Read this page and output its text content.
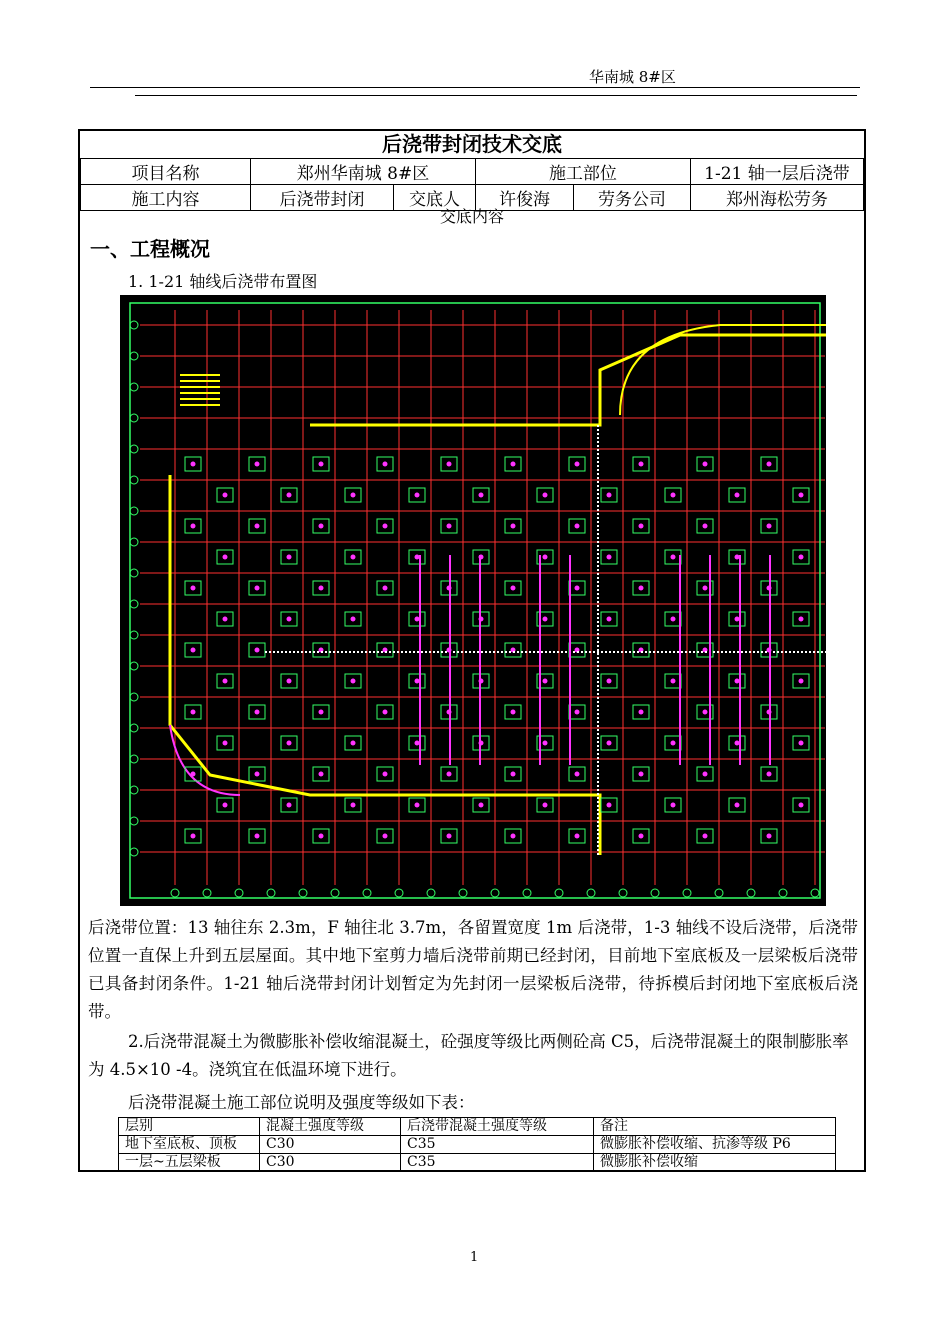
华南城 8#区
后浇带封闭技术交底
项目名称	郑州华南城 8#区		施工部位		1-21 轴一层后浇带
施工内容	后浇带封闭	交底人	许俊海	劳务公司	郑州海松劳务
交底内容
一、工程概况
1. 1-21 轴线后浇带布置图
后浇带位置：13 轴往东 2.3m，F 轴往北 3.7m，各留置宽度 1m 后浇带，1-3 轴线不设后浇带，后浇带位置一直保上升到五层屋面。其中地下室剪力墙后浇带前期已经封闭，目前地下室底板及一层梁板后浇带已具备封闭条件。1-21 轴后浇带封闭计划暂定为先封闭一层梁板后浇带，待拆模后封闭地下室底板后浇带。
2.后浇带混凝土为微膨胀补偿收缩混凝土，砼强度等级比两侧砼高 C5，后浇带混凝土的限制膨胀率为 4.5×10 -4。浇筑宜在低温环境下进行。
后浇带混凝土施工部位说明及强度等级如下表：
层别	混凝土强度等级	后浇带混凝土强度等级	备注
地下室底板、顶板	C30	C35	微膨胀补偿收缩、抗渗等级 P6
一层~五层梁板	C30	C35	微膨胀补偿收缩
1
